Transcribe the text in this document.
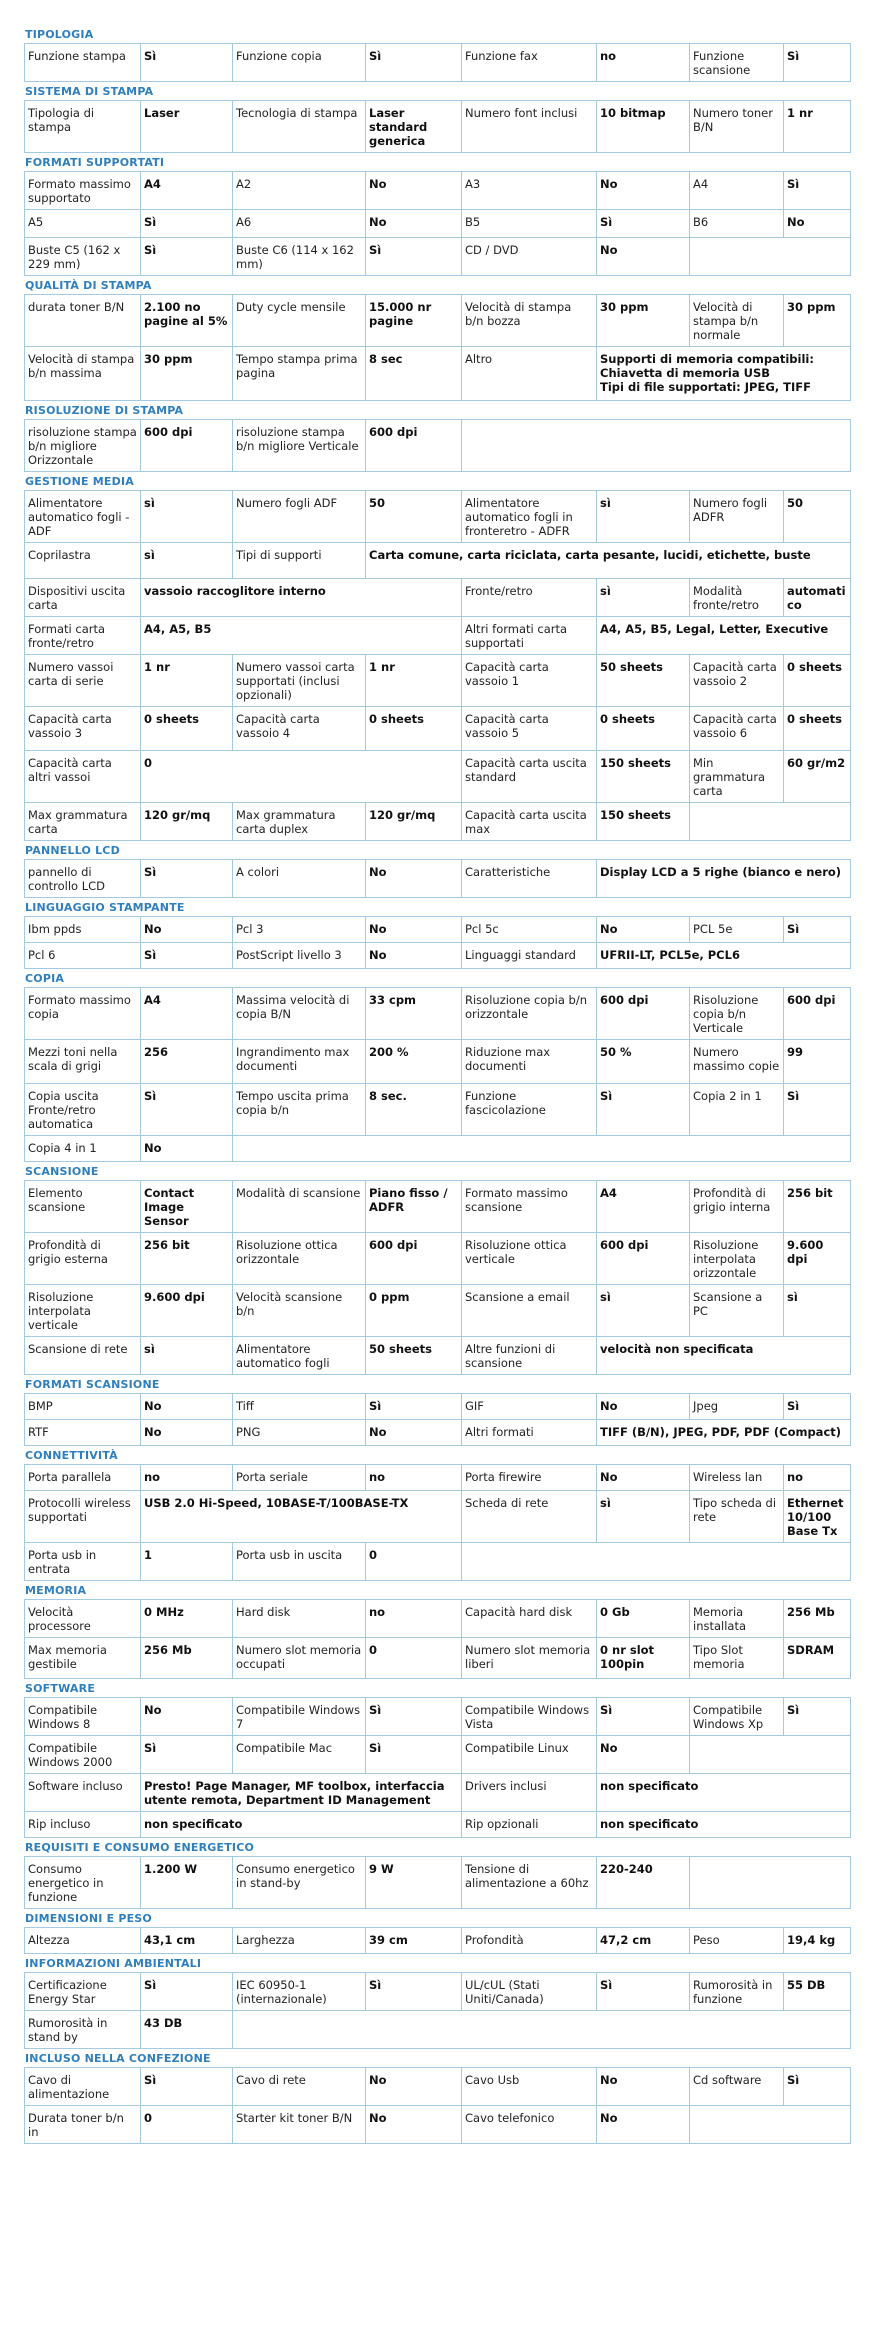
TIPOLOGIA
Funzione stampa	Sì	Funzione copia	Sì	Funzione fax	no	Funzione scansione	Sì
SISTEMA DI STAMPA
Tipologia di stampa	Laser	Tecnologia di stampa	Laser standard generica	Numero font inclusi	10 bitmap	Numero toner B/N	1 nr
FORMATI SUPPORTATI
Formato massimo supportato	A4	A2	No	A3	No	A4	Sì
A5	Sì	A6	No	B5	Sì	B6	No
Buste C5 (162 x 229 mm)	Sì	Buste C6 (114 x 162 mm)	Sì	CD / DVD	No		
QUALITÀ DI STAMPA
durata toner B/N	2.100 no pagine al 5%	Duty cycle mensile	15.000 nr pagine	Velocità di stampa b/n bozza	30 ppm	Velocità di stampa b/n normale	30 ppm
Velocità di stampa b/n massima	30 ppm	Tempo stampa prima pagina	8 sec	Altro	Supporti di memoria compatibili: Chiavetta di memoria USB
Tipi di file supportati: JPEG, TIFF		
RISOLUZIONE DI STAMPA
risoluzione stampa b/n migliore Orizzontale	600 dpi	risoluzione stampa b/n migliore Verticale	600 dpi	
GESTIONE MEDIA
Alimentatore automatico fogli - ADF	sì	Numero fogli ADF	50	Alimentatore automatico fogli in fronteretro - ADFR	sì	Numero fogli ADFR	50
Coprilastra	sì	Tipi di supporti	Carta comune, carta riciclata, carta pesante, lucidi, etichette, buste				
Dispositivi uscita carta	vassoio raccoglitore interno			Fronte/retro	sì	Modalità fronte/retro	automatico
Formati carta fronte/retro	A4, A5, B5			Altri formati carta supportati	A4, A5, B5, Legal, Letter, Executive		
Numero vassoi carta di serie	1 nr	Numero vassoi carta supportati (inclusi opzionali)	1 nr	Capacità carta vassoio 1	50 sheets	Capacità carta vassoio 2	0 sheets
Capacità carta vassoio 3	0 sheets	Capacità carta vassoio 4	0 sheets	Capacità carta vassoio 5	0 sheets	Capacità carta vassoio 6	0 sheets
Capacità carta altri vassoi	0			Capacità carta uscita standard	150 sheets	Min grammatura carta	60 gr/m2
Max grammatura carta	120 gr/mq	Max grammatura carta duplex	120 gr/mq	Capacità carta uscita max	150 sheets		
PANNELLO LCD
pannello di controllo LCD	Sì	A colori	No	Caratteristiche	Display LCD a 5 righe (bianco e nero)
LINGUAGGIO STAMPANTE
Ibm ppds	No	Pcl 3	No	Pcl 5c	No	PCL 5e	Sì
Pcl 6	Sì	PostScript livello 3	No	Linguaggi standard	UFRII-LT, PCL5e, PCL6		
COPIA
Formato massimo copia	A4	Massima velocità di copia B/N	33 cpm	Risoluzione copia b/n orizzontale	600 dpi	Risoluzione copia b/n Verticale	600 dpi
Mezzi toni nella scala di grigi	256	Ingrandimento max documenti	200 %	Riduzione max documenti	50 %	Numero massimo copie	99
Copia uscita Fronte/retro automatica	Sì	Tempo uscita prima copia b/n	8 sec.	Funzione fascicolazione	Sì	Copia 2 in 1	Sì
Copia 4 in 1	No						
SCANSIONE
Elemento scansione	Contact Image Sensor	Modalità di scansione	Piano fisso / ADFR	Formato massimo scansione	A4	Profondità di grigio interna	256 bit
Profondità di grigio esterna	256 bit	Risoluzione ottica orizzontale	600 dpi	Risoluzione ottica verticale	600 dpi	Risoluzione interpolata orizzontale	9.600 dpi
Risoluzione interpolata verticale	9.600 dpi	Velocità scansione b/n	0 ppm	Scansione a email	sì	Scansione a PC	sì
Scansione di rete	sì	Alimentatore automatico fogli	50 sheets	Altre funzioni di scansione	velocità non specificata		
FORMATI SCANSIONE
BMP	No	Tiff	Sì	GIF	No	Jpeg	Sì
RTF	No	PNG	No	Altri formati	TIFF (B/N), JPEG, PDF, PDF (Compact)		
CONNETTIVITÀ
Porta parallela	no	Porta seriale	no	Porta firewire	No	Wireless lan	no
Protocolli wireless supportati	USB 2.0 Hi-Speed, 10BASE-T/100BASE-TX			Scheda di rete	sì	Tipo scheda di rete	Ethernet 10/100 Base Tx
Porta usb in entrata	1	Porta usb in uscita	0				
MEMORIA
Velocità processore	0 MHz	Hard disk	no	Capacità hard disk	0 Gb	Memoria installata	256 Mb
Max memoria gestibile	256 Mb	Numero slot memoria occupati	0	Numero slot memoria liberi	0 nr slot 100pin	Tipo Slot memoria	SDRAM
SOFTWARE
Compatibile Windows 8	No	Compatibile Windows 7	Sì	Compatibile Windows Vista	Sì	Compatibile Windows Xp	Sì
Compatibile Windows 2000	Sì	Compatibile Mac	Sì	Compatibile Linux	No		
Software incluso	Presto! Page Manager, MF toolbox, interfaccia utente remota, Department ID Management			Drivers inclusi	non specificato		
Rip incluso	non specificato			Rip opzionali	non specificato		
REQUISITI E CONSUMO ENERGETICO
Consumo energetico in funzione	1.200 W	Consumo energetico in stand-by	9 W	Tensione di alimentazione a 60hz	220-240	
DIMENSIONI E PESO
Altezza	43,1 cm	Larghezza	39 cm	Profondità	47,2 cm	Peso	19,4 kg
INFORMAZIONI AMBIENTALI
Certificazione Energy Star	Sì	IEC 60950-1 (internazionale)	Sì	UL/cUL (Stati Uniti/Canada)	Sì	Rumorosità in funzione	55 DB
Rumorosità in stand by	43 DB						
INCLUSO NELLA CONFEZIONE
Cavo di alimentazione	Sì	Cavo di rete	No	Cavo Usb	No	Cd software	Sì
Durata toner b/n in	0	Starter kit toner B/N	No	Cavo telefonico	No		
